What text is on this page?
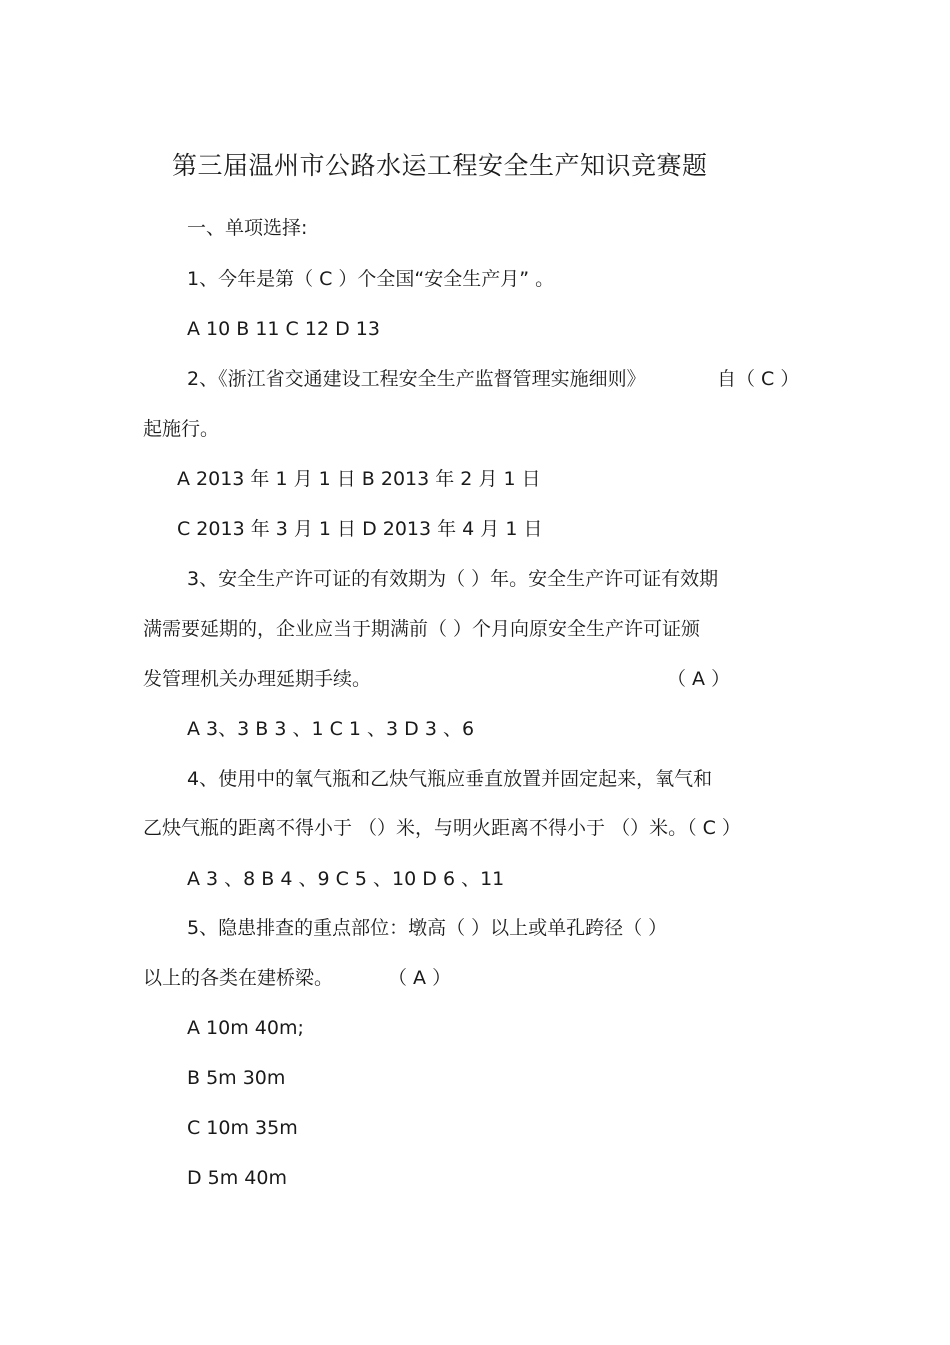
第三届温州市公路水运工程安全生产知识竞赛题
一、单项选择:
1、今年是第（ C ）个全国“安全生产月” 。
A 10 B 11 C 12 D 13
2、《浙江省交通建设工程安全生产监督管理实施细则》	自（ C ）
起施行。
A 2013 年 1 月 1 日 B 2013 年 2 月 1 日
C 2013 年 3 月 1 日 D 2013 年 4 月 1 日
3、安全生产许可证的有效期为（ ）年。安全生产许可证有效期
满需要延期的，企业应当于期满前（ ）个月向原安全生产许可证颁
发管理机关办理延期手续。	（ A ）
A 3、3 B 3 、1 C 1 、3 D 3 、6
4、使用中的氧气瓶和乙炔气瓶应垂直放置并固定起来，氧气和
乙炔气瓶的距离不得小于 （）米，与明火距离不得小于 （）米。（ C ）
A 3 、8 B 4 、9 C 5 、10 D 6 、11
5、隐患排查的重点部位：墩高（ ）以上或单孔跨径（ ）
以上的各类在建桥梁。	（ A ）
A 10m 40m;
B 5m 30m
C 10m 35m
D 5m 40m
